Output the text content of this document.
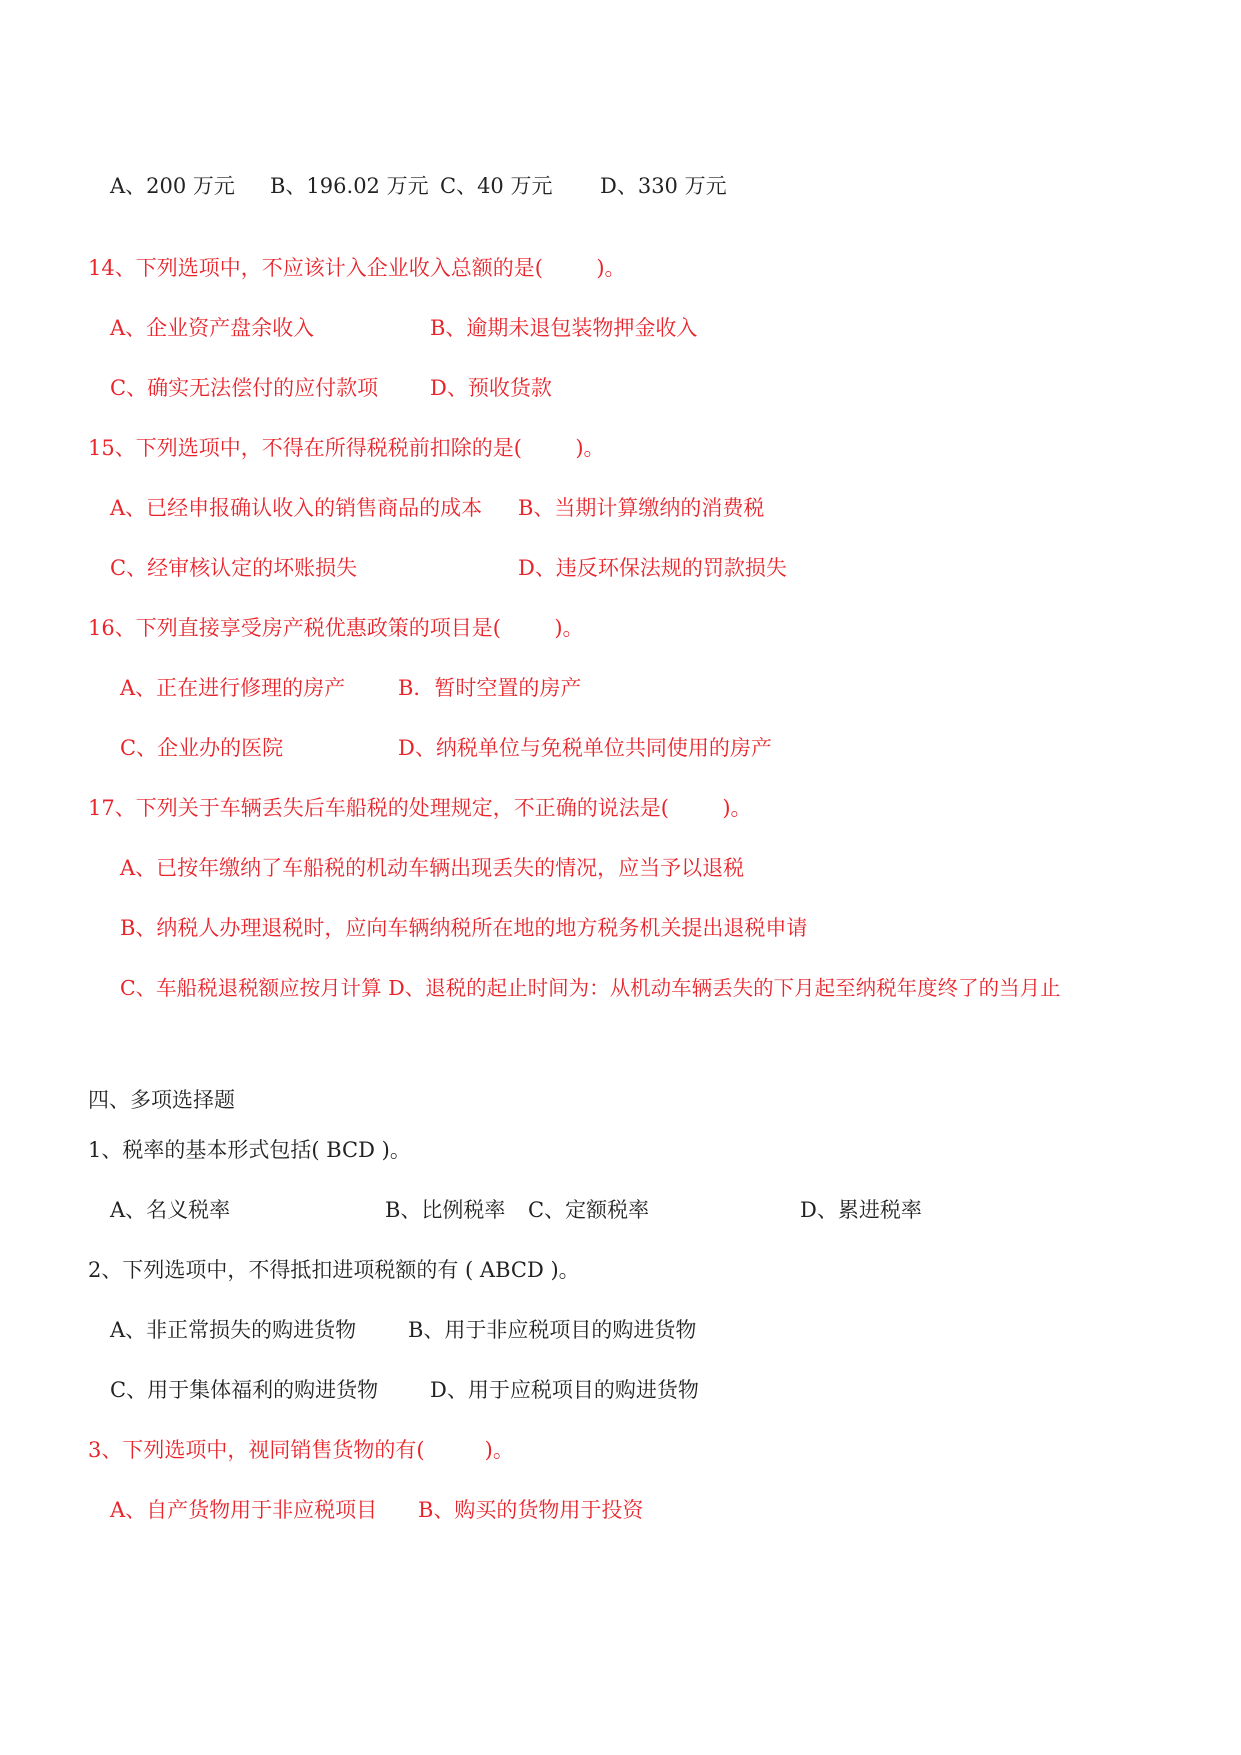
A、200 万元

B、196.02 万元

C、40 万元

D、330 万元

14、下列选项中，不应该计入企业收入总额的是(        )。

A、企业资产盘余收入

	B、逾期未退包装物押金收入

C、确实无法偿付的应付款项

D、预收货款

15、下列选项中，不得在所得税税前扣除的是(        )。

A、已经申报确认收入的销售商品的成本

B、当期计算缴纳的消费税

C、经审核认定的坏账损失

	D、违反环保法规的罚款损失

16、下列直接享受房产税优惠政策的项目是(        )。

A、正在进行修理的房产

	B．暂时空置的房产

C、企业办的医院

	D、纳税单位与免税单位共同使用的房产

17、下列关于车辆丢失后车船税的处理规定，不正确的说法是(        )。
A、已按年缴纳了车船税的机动车辆出现丢失的情况，应当予以退税
B、纳税人办理退税时，应向车辆纳税所在地的地方税务机关提出退税申请
C、车船税退税额应按月计算 D、退税的起止时间为：从机动车辆丢失的下月起至纳税年度终了的当月止
四、多项选择题
1、税率的基本形式包括( BCD )。

A、名义税率

	B、比例税率

C、定额税率

	D、累进税率

2、下列选项中，不得抵扣进项税额的有 ( ABCD )。

A、非正常损失的购进货物

B、用于非应税项目的购进货物

C、用于集体福利的购进货物

D、用于应税项目的购进货物

3、下列选项中，视同销售货物的有(         )。

A、自产货物用于非应税项目

B、购买的货物用于投资
